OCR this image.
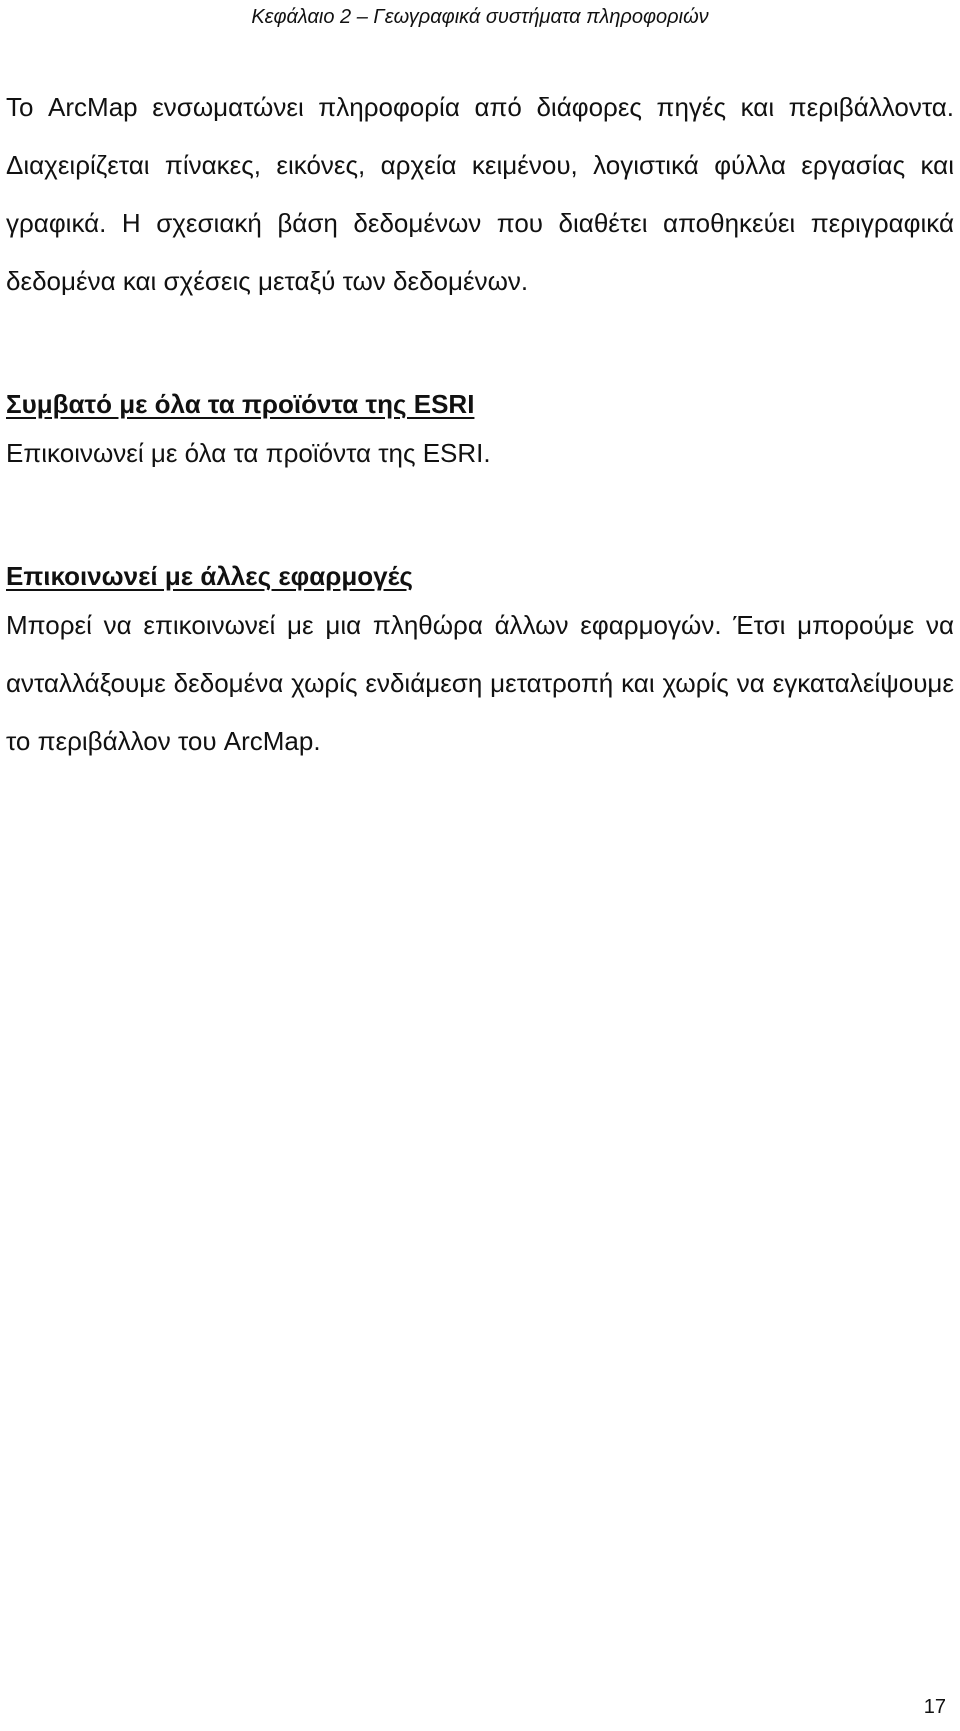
Κεφάλαιο 2 – Γεωγραφικά συστήματα πληροφοριών

Το ArcMap ενσωματώνει πληροφορία από διάφορες πηγές και περιβάλλοντα. Διαχειρίζεται πίνακες, εικόνες, αρχεία κειμένου, λογιστικά φύλλα εργασίας και γραφικά. Η σχεσιακή βάση δεδομένων που διαθέτει αποθηκεύει περιγραφικά δεδομένα και σχέσεις μεταξύ των δεδομένων.

Συμβατό με όλα τα προϊόντα της ESRI

Επικοινωνεί με όλα τα προϊόντα της ESRI.

Επικοινωνεί με άλλες εφαρμογές

Μπορεί να επικοινωνεί με μια πληθώρα άλλων εφαρμογών. Έτσι μπορούμε να ανταλλάξουμε δεδομένα χωρίς ενδιάμεση μετατροπή και χωρίς να εγκαταλείψουμε το περιβάλλον του ArcMap.

17
